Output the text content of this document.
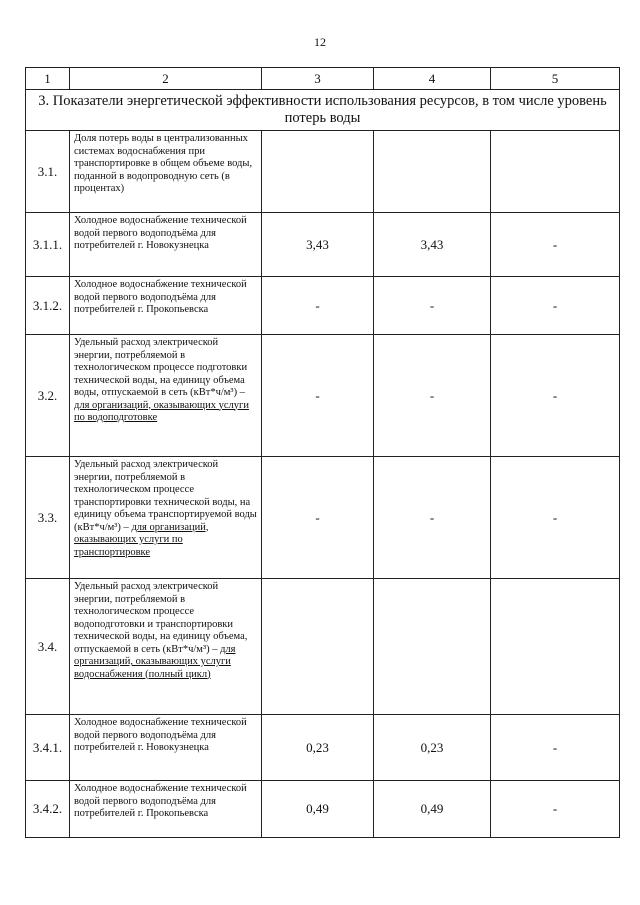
12
1	2	3	4	5
3. Показатели энергетической эффективности использования ресурсов, в том числе уровень потерь воды				
3.1.	Доля потерь воды в централизованных системах водоснабжения при транспортировке в общем объеме воды, поданной в водопроводную сеть (в процентах)			
3.1.1.	Холодное водоснабжение технической водой первого водоподъёма для потребителей г. Новокузнецка	3,43	3,43	-
3.1.2.	Холодное водоснабжение технической водой первого водоподъёма для потребителей г. Прокопьевска	-	-	-
3.2.	Удельный расход электрической энергии, потребляемой в технологическом процессе подготовки технической воды, на единицу объема воды, отпускаемой в сеть (кВт*ч/м³) – для организаций, оказывающих услуги по водоподготовке	-	-	-
3.3.	Удельный расход электрической энергии, потребляемой в технологическом процессе транспортировки технической воды, на единицу объема транспортируемой воды (кВт*ч/м³) – для организаций, оказывающих услуги по транспортировке	-	-	-
3.4.	Удельный расход электрической энергии, потребляемой в технологическом процессе водоподготовки и транспортировки технической воды, на единицу объема, отпускаемой в сеть (кВт*ч/м³) – для организаций, оказывающих услуги водоснабжения (полный цикл)			
3.4.1.	Холодное водоснабжение технической водой первого водоподъёма для потребителей г. Новокузнецка	0,23	0,23	-
3.4.2.	Холодное водоснабжение технической водой первого водоподъёма для потребителей г. Прокопьевска	0,49	0,49	-
